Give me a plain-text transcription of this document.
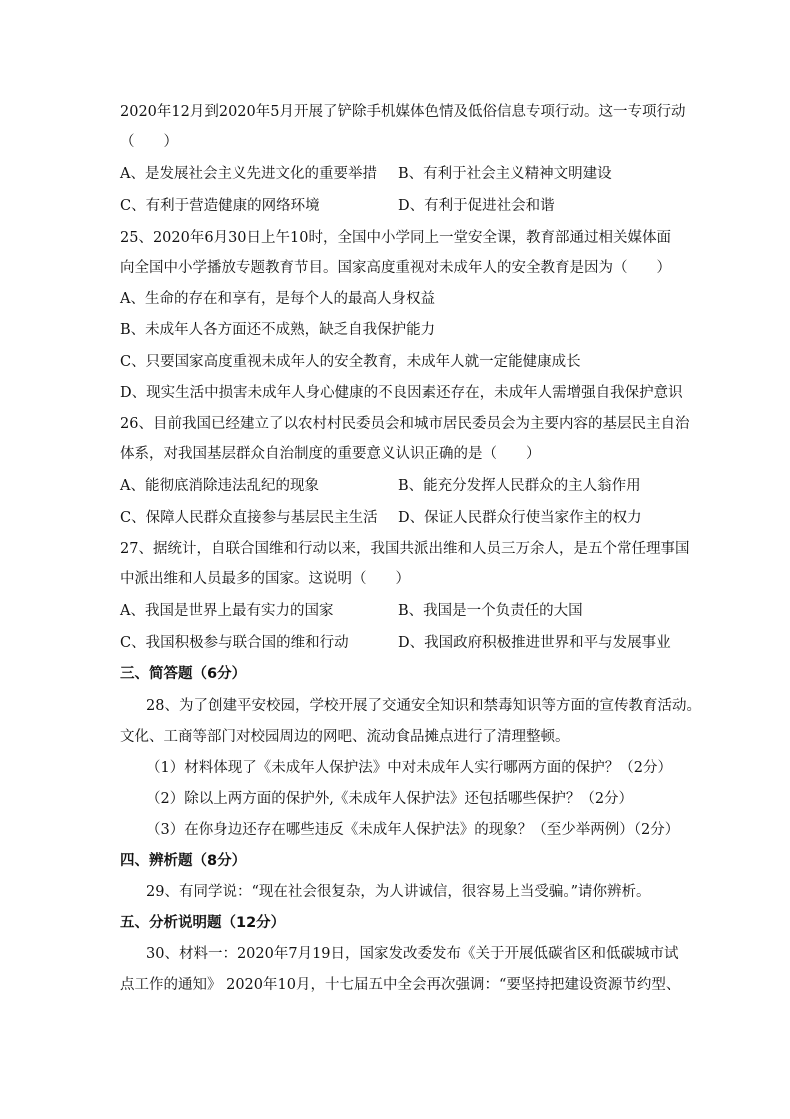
2020年12月到2020年5月开展了铲除手机媒体色情及低俗信息专项行动。这一专项行动
（　　）
A、是发展社会主义先进文化的重要举措 B、有利于社会主义精神文明建设
C、有利于营造健康的网络环境	D、有利于促进社会和谐
25、2020年6月30日上午10时，全国中小学同上一堂安全课，教育部通过相关媒体面
向全国中小学播放专题教育节目。国家高度重视对未成年人的安全教育是因为（　　）
A、生命的存在和享有，是每个人的最高人身权益
B、未成年人各方面还不成熟，缺乏自我保护能力
C、只要国家高度重视未成年人的安全教育，未成年人就一定能健康成长
D、现实生活中损害未成年人身心健康的不良因素还存在，未成年人需增强自我保护意识
26、目前我国已经建立了以农村村民委员会和城市居民委员会为主要内容的基层民主自治
体系，对我国基层群众自治制度的重要意义认识正确的是（　　）
A、能彻底消除违法乱纪的现象	B、能充分发挥人民群众的主人翁作用
C、保障人民群众直接参与基层民主生活 D、保证人民群众行使当家作主的权力
27、据统计，自联合国维和行动以来，我国共派出维和人员三万余人，是五个常任理事国
中派出维和人员最多的国家。这说明（　　）
A、我国是世界上最有实力的国家	B、我国是一个负责任的大国
C、我国积极参与联合国的维和行动	D、我国政府积极推进世界和平与发展事业
三、简答题（6分）
28、为了创建平安校园，学校开展了交通安全知识和禁毒知识等方面的宣传教育活动。
文化、工商等部门对校园周边的网吧、流动食品摊点进行了清理整顿。
（1）材料体现了《未成年人保护法》中对未成年人实行哪两方面的保护？（2分）
（2）除以上两方面的保护外,《未成年人保护法》还包括哪些保护？（2分）
（3）在你身边还存在哪些违反《未成年人保护法》的现象？（至少举两例）（2分）
四、辨析题（8分）
29、有同学说：“现在社会很复杂，为人讲诚信，很容易上当受骗。”请你辨析。
五、分析说明题（12分）
30、材料一：2020年7月19日，国家发改委发布《关于开展低碳省区和低碳城市试
点工作的通知》 2020年10月，十七届五中全会再次强调：“要坚持把建设资源节约型、
